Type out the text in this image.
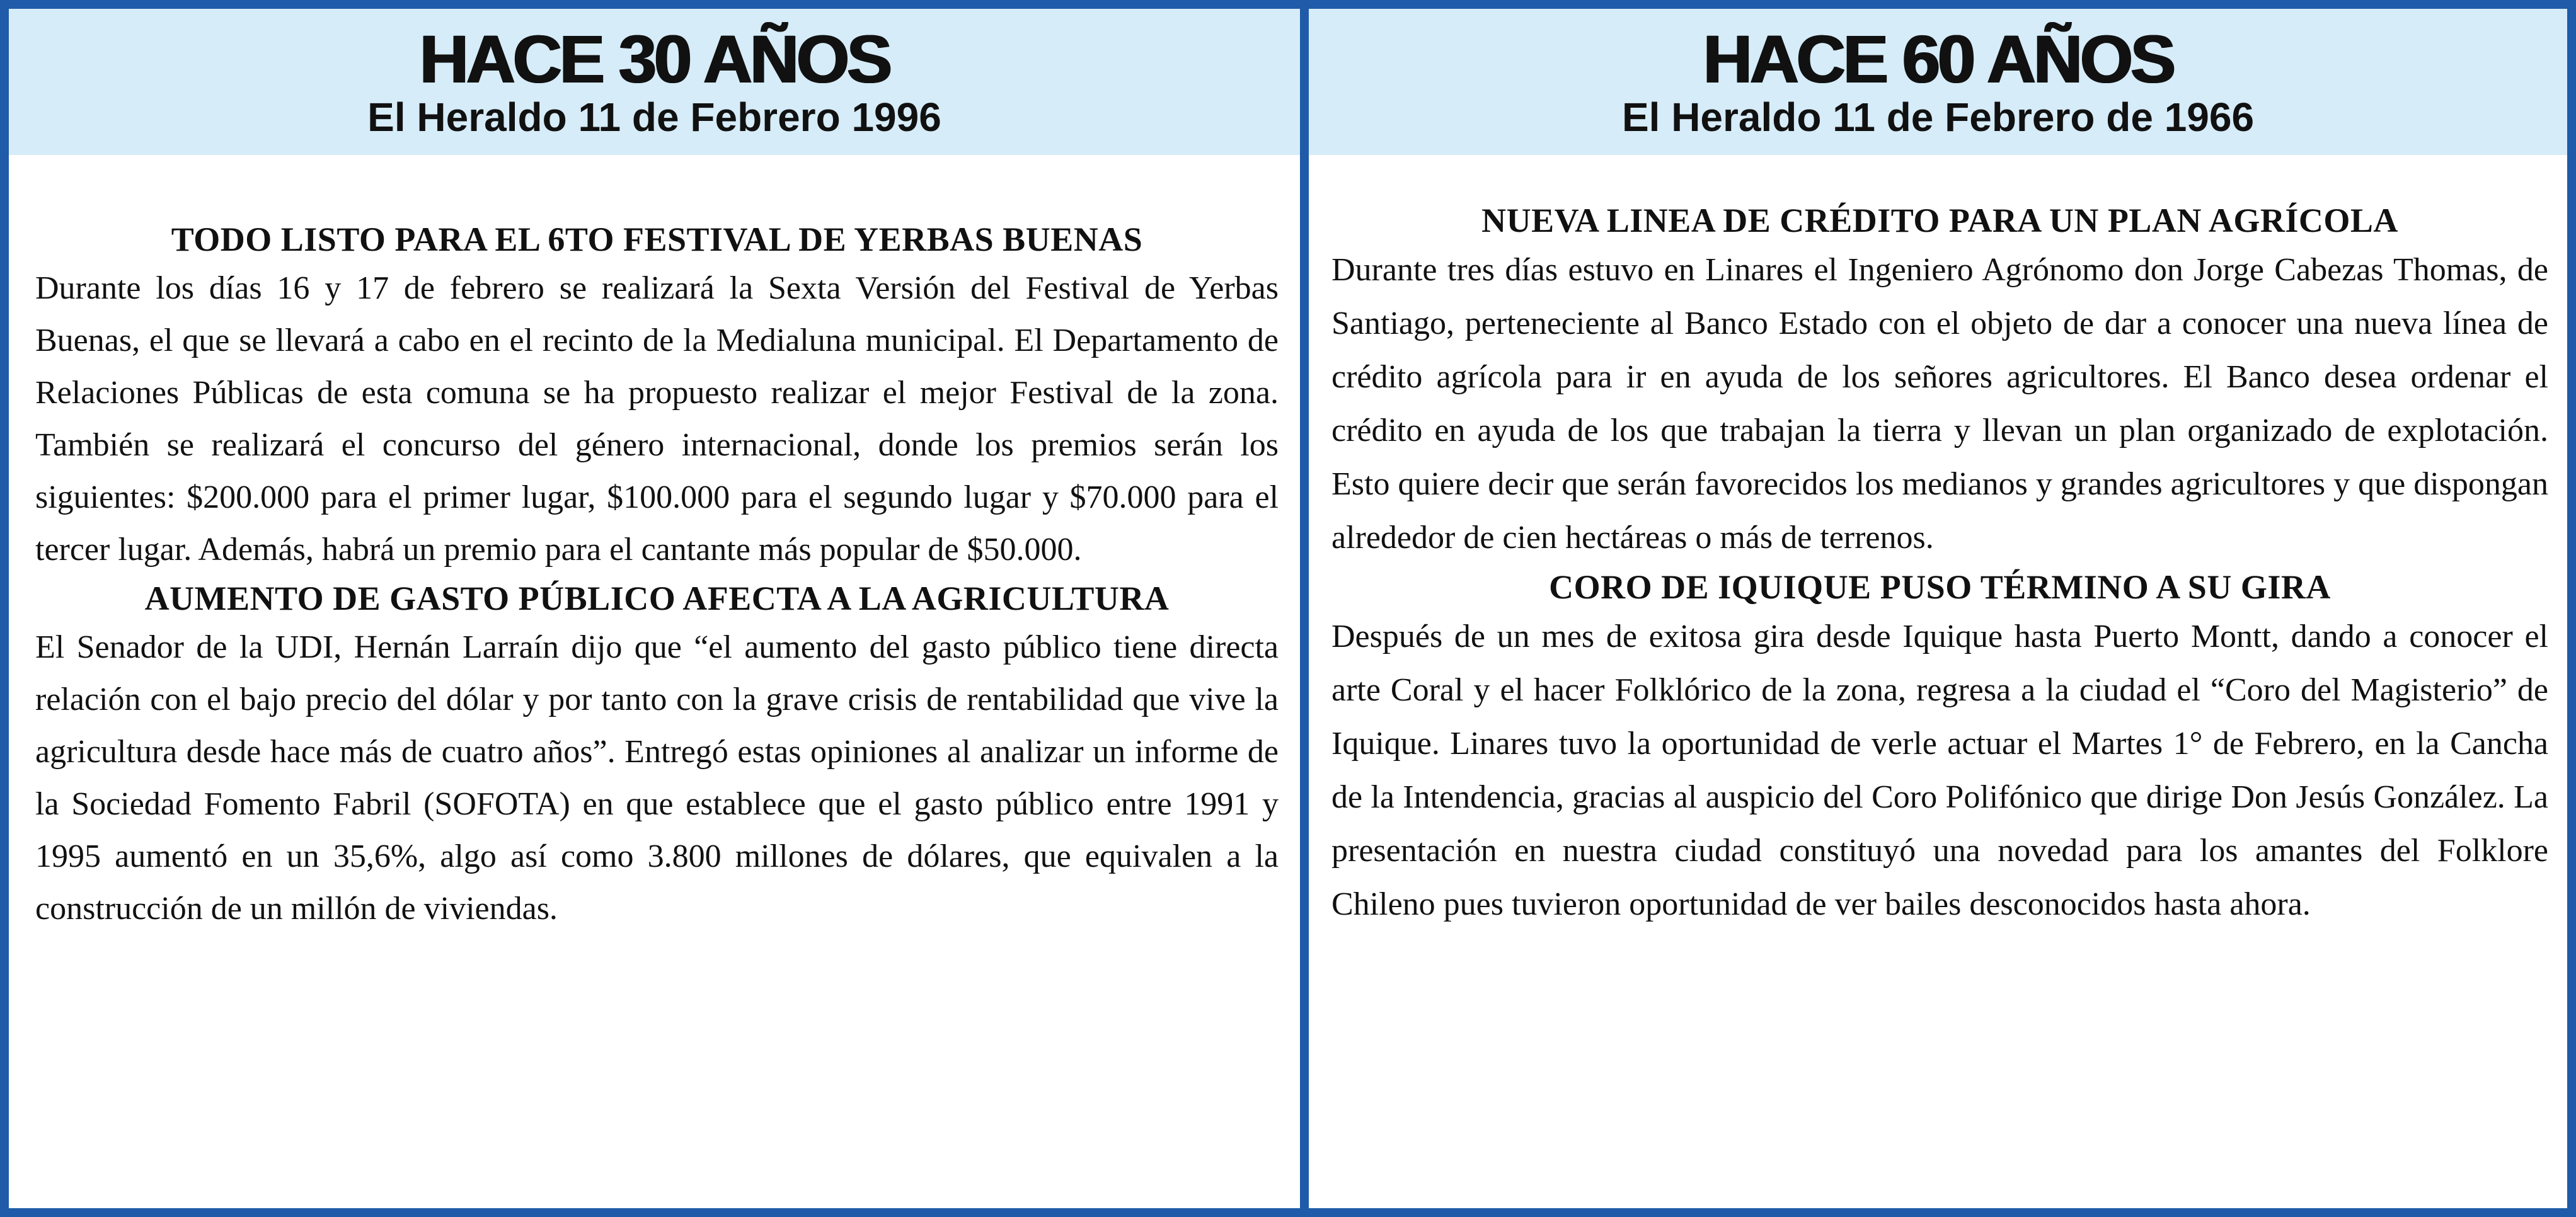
HACE 30 AÑOS
El Heraldo 11 de Febrero 1996
TODO LISTO PARA EL 6TO FESTIVAL DE YERBAS BUENAS
Durante los días 16 y 17 de febrero se realizará la Sexta Versión del Festival de Yerbas Buenas, el que se llevará a cabo en el recinto de la Medialuna municipal. El Departamento de Relaciones Públicas de esta comuna se ha propuesto realizar el mejor Festival de la zona. También se realizará el concurso del género internacional, donde los premios serán los siguientes: $200.000 para el primer lugar, $100.000 para el segundo lugar y $70.000 para el tercer lugar. Además, habrá un premio para el cantante más popular de $50.000.
AUMENTO DE GASTO PÚBLICO AFECTA A LA AGRICULTURA
El Senador de la UDI, Hernán Larraín dijo que “el aumento del gasto público tiene directa relación con el bajo precio del dólar y por tanto con la grave crisis de rentabilidad que vive la agricultura desde hace más de cuatro años”. Entregó estas opiniones al analizar un informe de la Sociedad Fomento Fabril (SOFOTA) en que establece que el gasto público entre 1991 y 1995 aumentó en un 35,6%, algo así como 3.800 millones de dólares, que equivalen a la construcción de un millón de viviendas.
HACE 60 AÑOS
El Heraldo 11 de Febrero de 1966
NUEVA LINEA DE CRÉDITO PARA UN PLAN AGRÍCOLA
Durante tres días estuvo en Linares el Ingeniero Agrónomo don Jorge Cabezas Thomas, de Santiago, perteneciente al Banco Estado con el objeto de dar a conocer una nueva línea de crédito agrícola para ir en ayuda de los señores agricultores. El Banco desea ordenar el crédito en ayuda de los que trabajan la tierra y llevan un plan organizado de explotación. Esto quiere decir que serán favorecidos los medianos y grandes agricultores y que dispongan alrededor de cien hectáreas o más de terrenos.
CORO DE IQUIQUE PUSO TÉRMINO A SU GIRA
Después de un mes de exitosa gira desde Iquique hasta Puerto Montt, dando a conocer el arte Coral y el hacer Folklórico de la zona, regresa a la ciudad el “Coro del Magisterio” de Iquique. Linares tuvo la oportunidad de verle actuar el Martes 1° de Febrero, en la Cancha de la Intendencia, gracias al auspicio del Coro Polifónico que dirige Don Jesús González. La presentación en nuestra ciudad constituyó una novedad para los amantes del Folklore Chileno pues tuvieron oportunidad de ver bailes desconocidos hasta ahora.
